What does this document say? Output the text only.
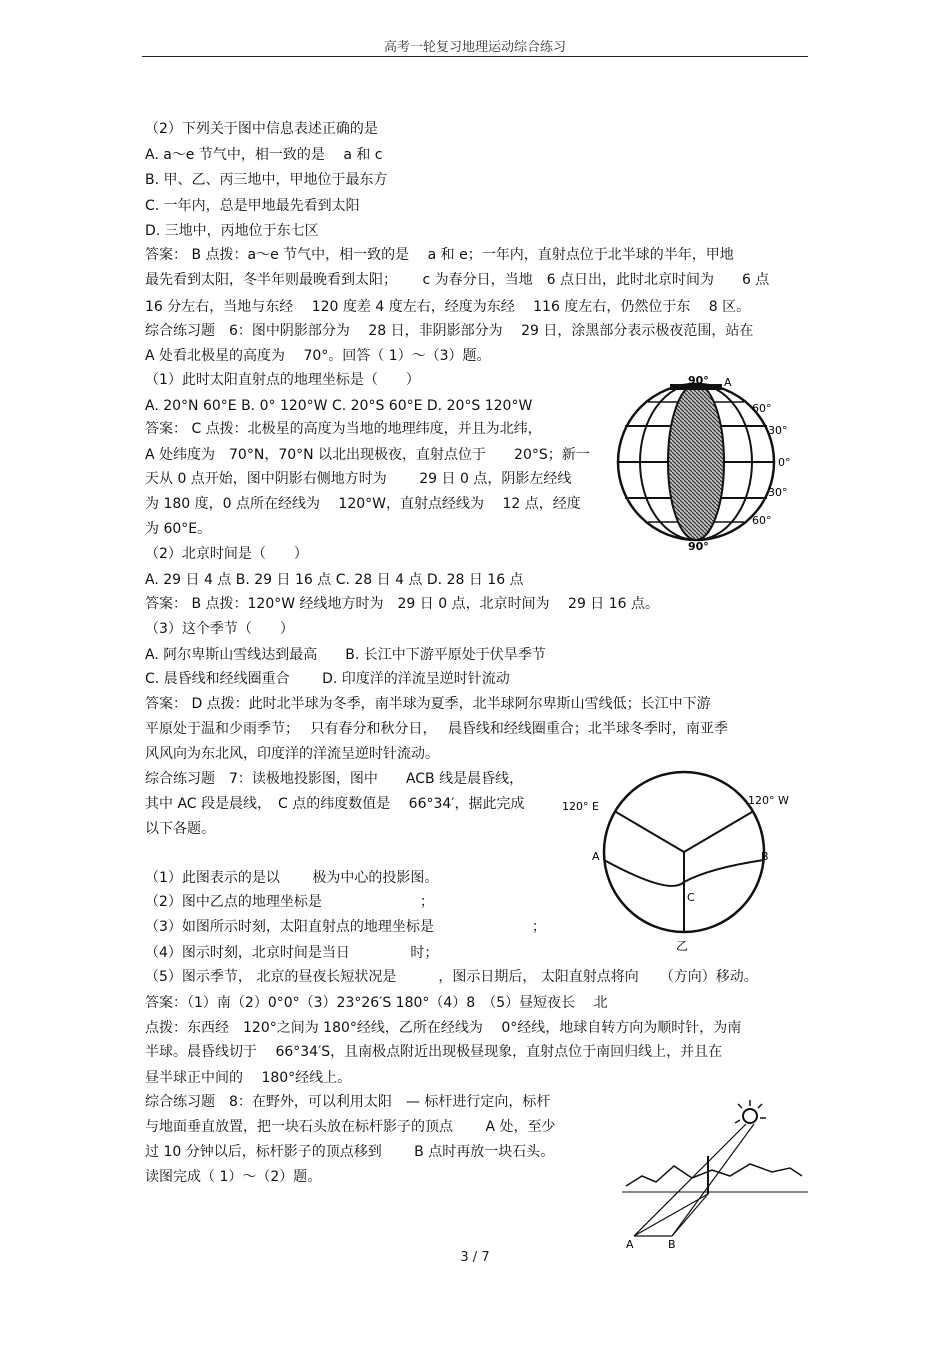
高考一轮复习地理运动综合练习
（2）下列关于图中信息表述正确的是
A. a～e 节气中，相一致的是　 a 和 c
B. 甲、乙、丙三地中，甲地位于最东方
C. 一年内，总是甲地最先看到太阳
D. 三地中，丙地位于东七区
答案： B 点拨：a～e 节气中，相一致的是　 a 和 e；一年内，直射点位于北半球的半年，甲地
最先看到太阳，冬半年则最晚看到太阳；　　 c 为春分日，当地　6 点日出，此时北京时间为　　6 点
16 分左右，当地与东经　 120 度差 4 度左右，经度为东经　 116 度左右，仍然位于东　 8 区。
综合练习题　6：图中阴影部分为　 28 日，非阴影部分为　 29 日，涂黑部分表示极夜范围，站在
A 处看北极星的高度为　 70°。回答（ 1）～（3）题。
（1）此时太阳直射点的地理坐标是（　　）
A. 20°N 60°E B. 0° 120°W C. 20°S 60°E D. 20°S 120°W
答案： C 点拨：北极星的高度为当地的地理纬度，并且为北纬，
A 处纬度为　70°N，70°N 以北出现极夜，直射点位于　　20°S；新一
天从 0 点开始，图中阴影右侧地方时为　　 29 日 0 点，阴影左经线
为 180 度，0 点所在经线为　 120°W，直射点经线为　 12 点，经度
为 60°E。
（2）北京时间是（　　）
A. 29 日 4 点 B. 29 日 16 点 C. 28 日 4 点 D. 28 日 16 点
答案： B 点拨：120°W 经线地方时为　29 日 0 点，北京时间为　 29 日 16 点。
（3）这个季节（　　）
A. 阿尔卑斯山雪线达到最高　　B. 长江中下游平原处于伏旱季节
C. 晨昏线和经线圈重合　　 D. 印度洋的洋流呈逆时针流动
答案： D 点拨：此时北半球为冬季，南半球为夏季，北半球阿尔卑斯山雪线低；长江中下游
平原处于温和少雨季节；　 只有春分和秋分日，　 晨昏线和经线圈重合；北半球冬季时，南亚季
风风向为东北风，印度洋的洋流呈逆时针流动。
综合练习题　7：读极地投影图，图中　　ACB 线是晨昏线，
其中 AC 段是晨线，　C 点的纬度数值是　 66°34′，据此完成
以下各题。
（1）此图表示的是以　　 极为中心的投影图。
（2）图中乙点的地理坐标是　　　　　　　；
（3）如图所示时刻，太阳直射点的地理坐标是　　　　　　　；
（4）图示时刻，北京时间是当日　　　　 时；
（5）图示季节， 北京的昼夜长短状况是　　　，图示日期后， 太阳直射点将向　　（方向）移动。
答案：（1）南（2）0°0°（3）23°26′S 180°（4）8　（5）昼短夜长　 北
点拨：东西经　120°之间为 180°经线，乙所在经线为　 0°经线，地球自转方向为顺时针，为南
半球。晨昏线切于　 66°34′S，且南极点附近出现极昼现象，直射点位于南回归线上，并且在
昼半球正中间的　 180°经线上。
综合练习题　8：在野外，可以利用太阳　— 标杆进行定向，标杆
与地面垂直放置，把一块石头放在标杆影子的顶点　　 A 处，至少
过 10 分钟以后，标杆影子的顶点移到　　 B 点时再放一块石头。
读图完成（ 1）～（2）题。
90° A
60°
30°
0°
30°
60°
90°
120° E	120° W
A	B
C
乙
A	B
3 / 7
